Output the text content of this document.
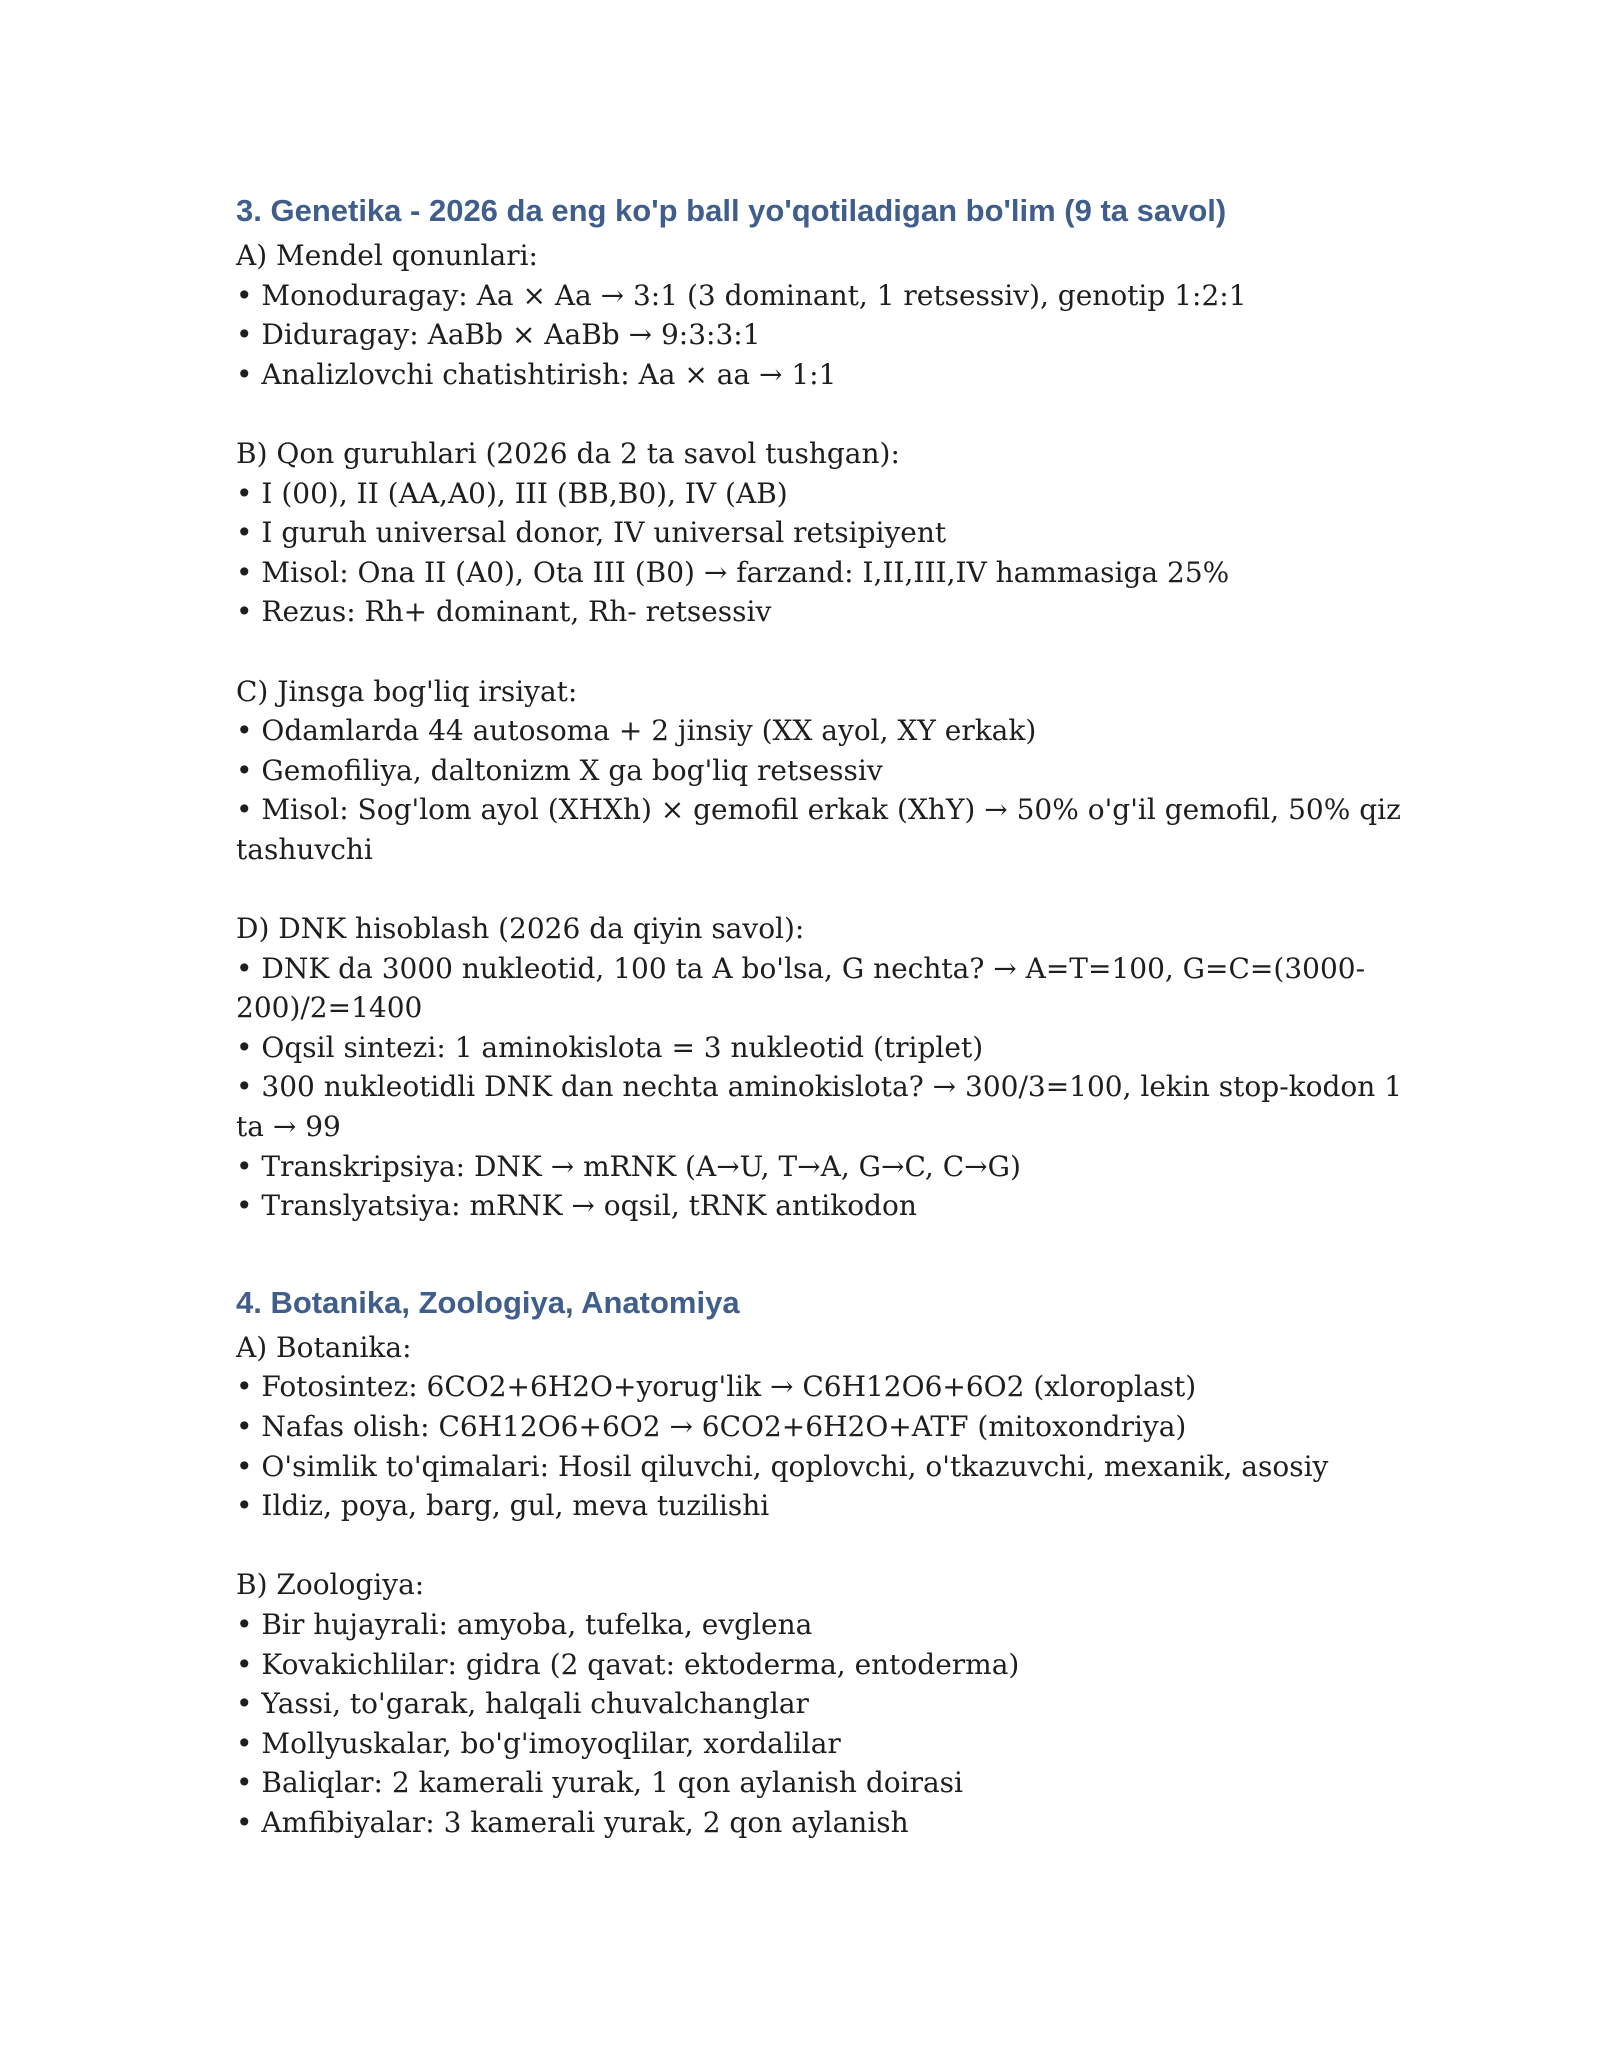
3. Genetika - 2026 da eng ko'p ball yo'qotiladigan bo'lim (9 ta savol)

A) Mendel qonunlari:

• Monoduragay: Aa × Aa → 3:1 (3 dominant, 1 retsessiv), genotip 1:2:1

• Diduragay: AaBb × AaBb → 9:3:3:1

• Analizlovchi chatishtirish: Aa × aa → 1:1

B) Qon guruhlari (2026 da 2 ta savol tushgan):

• I (00), II (AA,A0), III (BB,B0), IV (AB)

• I guruh universal donor, IV universal retsipiyent

• Misol: Ona II (A0), Ota III (B0) → farzand: I,II,III,IV hammasiga 25%

• Rezus: Rh+ dominant, Rh- retsessiv

C) Jinsga bog'liq irsiyat:

• Odamlarda 44 autosoma + 2 jinsiy (XX ayol, XY erkak)

• Gemofiliya, daltonizm X ga bog'liq retsessiv

• Misol: Sog'lom ayol (XHXh) × gemofil erkak (XhY) → 50% o'g'il gemofil, 50% qiz tashuvchi

D) DNK hisoblash (2026 da qiyin savol):

• DNK da 3000 nukleotid, 100 ta A bo'lsa, G nechta? → A=T=100, G=C=(3000-200)/2=1400

• Oqsil sintezi: 1 aminokislota = 3 nukleotid (triplet)

• 300 nukleotidli DNK dan nechta aminokislota? → 300/3=100, lekin stop-kodon 1 ta → 99

• Transkripsiya: DNK → mRNK (A→U, T→A, G→C, C→G)

• Translyatsiya: mRNK → oqsil, tRNK antikodon

4. Botanika, Zoologiya, Anatomiya

A) Botanika:

• Fotosintez: 6CO2+6H2O+yorug'lik → C6H12O6+6O2 (xloroplast)

• Nafas olish: C6H12O6+6O2 → 6CO2+6H2O+ATF (mitoxondriya)

• O'simlik to'qimalari: Hosil qiluvchi, qoplovchi, o'tkazuvchi, mexanik, asosiy

• Ildiz, poya, barg, gul, meva tuzilishi

B) Zoologiya:

• Bir hujayrali: amyoba, tufelka, evglena

• Kovakichlilar: gidra (2 qavat: ektoderma, entoderma)

• Yassi, to'garak, halqali chuvalchanglar

• Mollyuskalar, bo'g'imoyoqlilar, xordalilar

• Baliqlar: 2 kamerali yurak, 1 qon aylanish doirasi

• Amfibiyalar: 3 kamerali yurak, 2 qon aylanish
